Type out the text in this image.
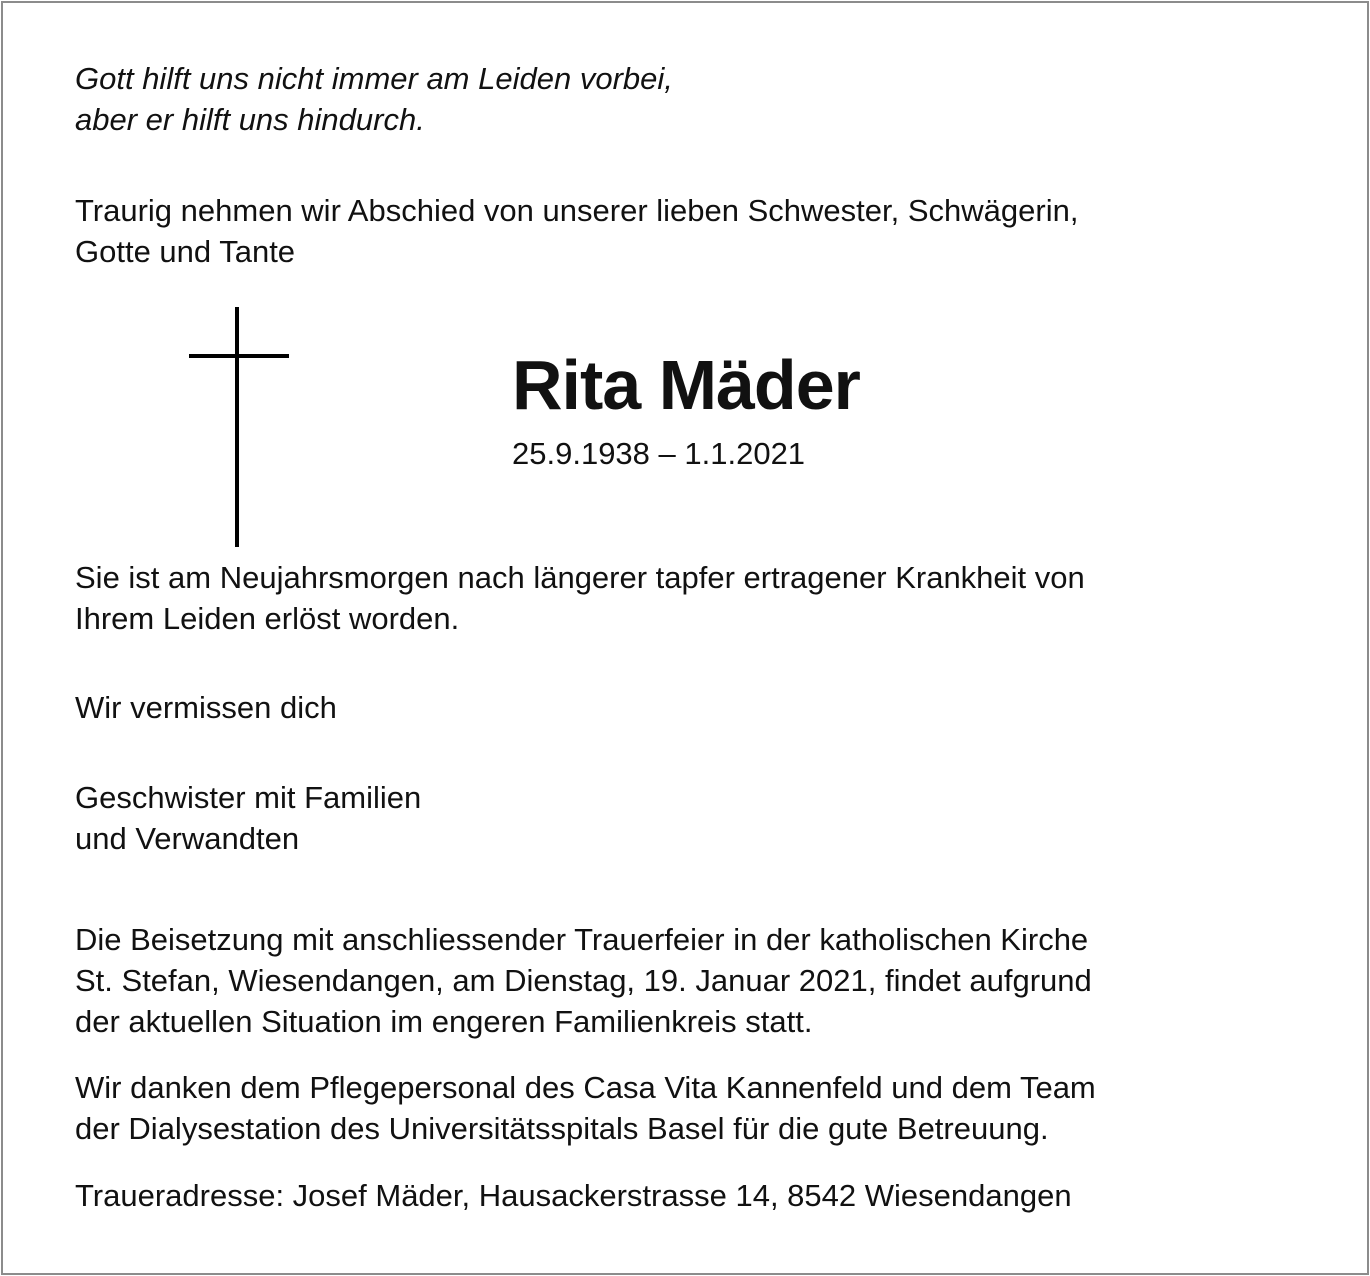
Gott hilft uns nicht immer am Leiden vorbei,
aber er hilft uns hindurch.

Traurig nehmen wir Abschied von unserer lieben Schwester, Schwägerin,
Gotte und Tante

Rita Mäder

25.9.1938 – 1.1.2021

Sie ist am Neujahrsmorgen nach längerer tapfer ertragener Krankheit von
Ihrem Leiden erlöst worden.

Wir vermissen dich

Geschwister mit Familien
und Verwandten

Die Beisetzung mit anschliessender Trauerfeier in der katholischen Kirche
St. Stefan, Wiesendangen, am Dienstag, 19. Januar 2021, findet aufgrund
der aktuellen Situation im engeren Familienkreis statt.

Wir danken dem Pflegepersonal des Casa Vita Kannenfeld und dem Team
der Dialysestation des Universitätsspitals Basel für die gute Betreuung.

Traueradresse: Josef Mäder, Hausackerstrasse 14, 8542 Wiesendangen
